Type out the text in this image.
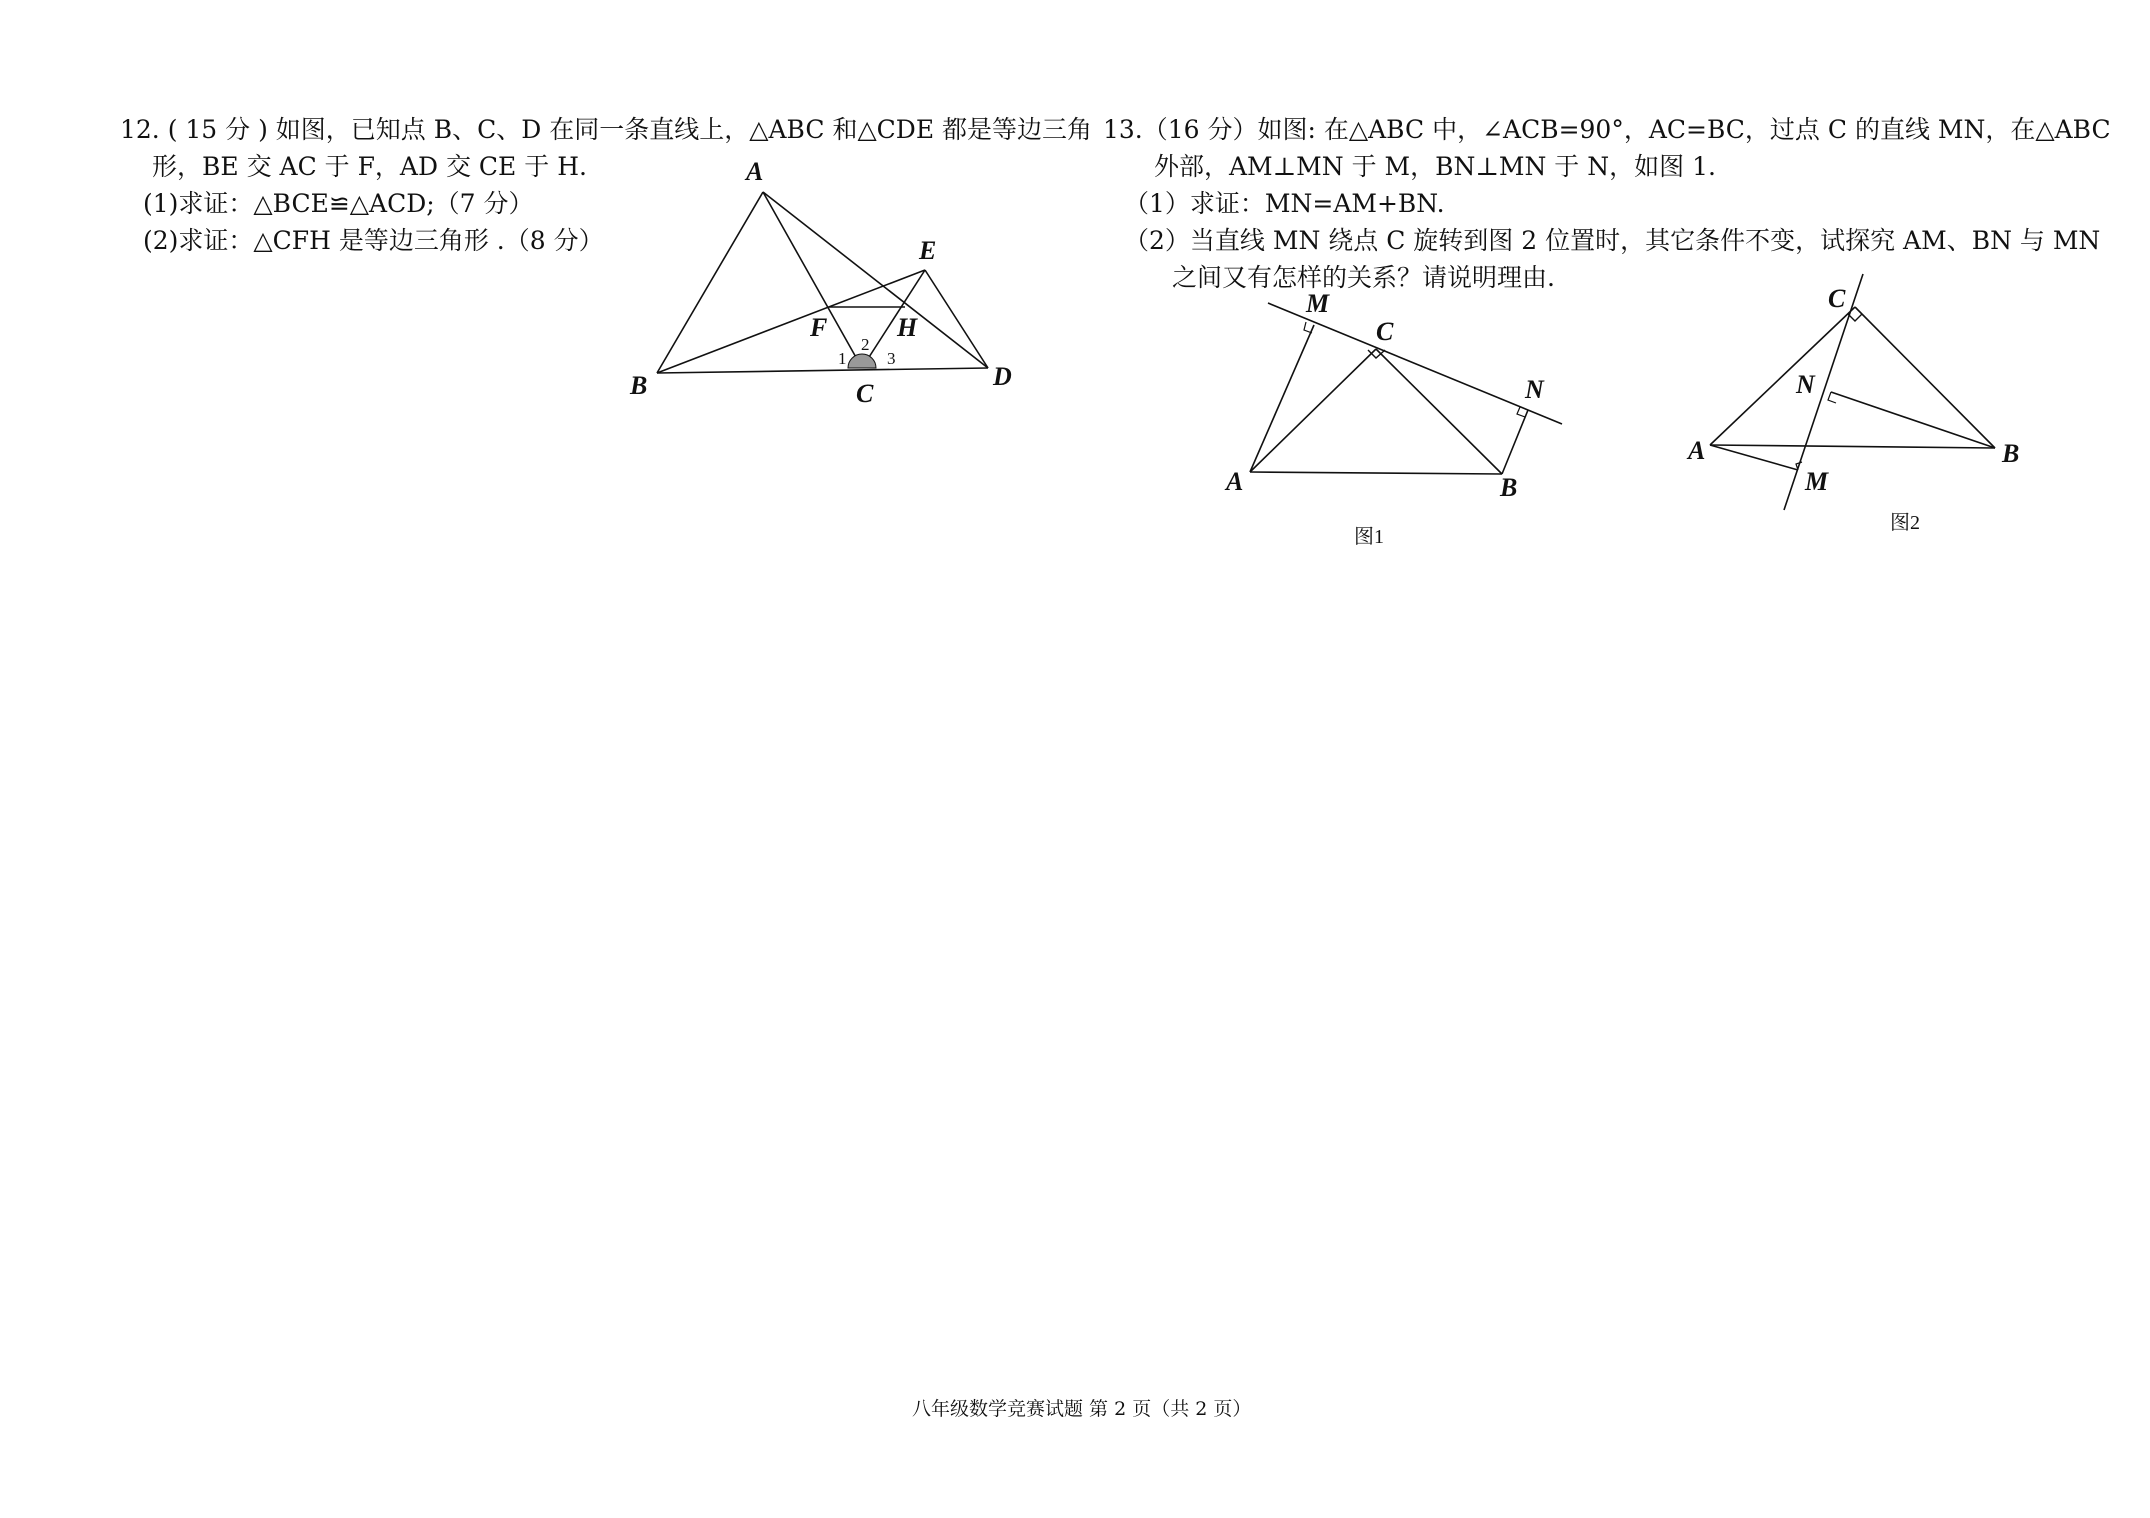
12. ( 15 分 ) 如图，已知点 B、C、D 在同一条直线上，△ABC 和△CDE 都是等边三角
形，BE 交 AC 于 F，AD 交 CE 于 H.
(1)求证：△BCE≌△ACD;（7 分）
(2)求证：△CFH 是等边三角形 .（8 分）
A
B	C
D
E
F	H
1
2
3
M
C
N
A	B
C
N
A
M
B
13.（16 分）如图: 在△ABC 中，∠ACB=90°，AC=BC，过点 C 的直线 MN，在△ABC
外部，AM⊥MN 于 M，BN⊥MN 于 N，如图 1.
（1）求证：MN=AM+BN.
（2）当直线 MN 绕点 C 旋转到图 2 位置时，其它条件不变，试探究 AM、BN 与 MN
之间又有怎样的关系？请说明理由.
图1
图2
八年级数学竞赛试题 第 2 页（共 2 页）
